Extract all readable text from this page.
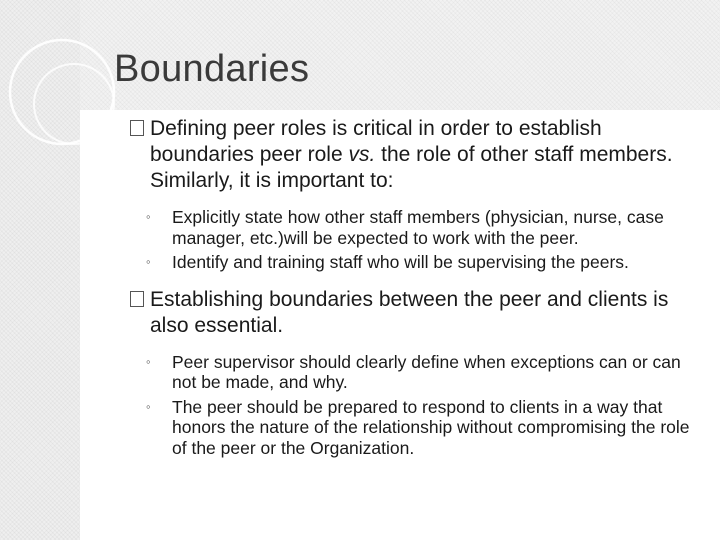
Boundaries

Defining peer roles is critical in order to establish boundaries peer role vs. the role of other staff members. Similarly, it is important to:

◦ Explicitly state how other staff members (physician, nurse, case manager, etc.)will be expected to work with the peer.

◦ Identify and training staff who will be supervising the peers.

Establishing boundaries between the peer and clients is also essential.

◦ Peer supervisor should clearly define when exceptions can or can not be made, and why.

◦ The peer should be prepared to respond to clients in a way that honors the nature of the relationship without compromising the role of the peer or the Organization.
